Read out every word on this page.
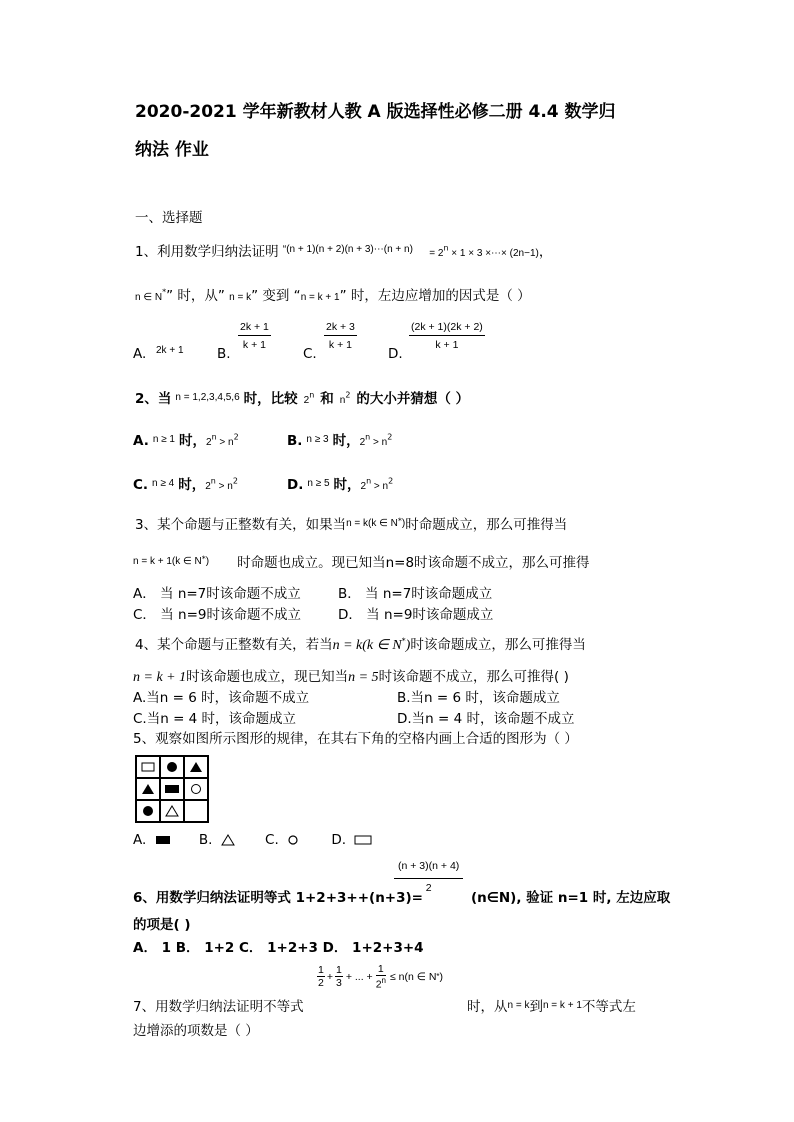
2020-2021 学年新教材人教 A 版选择性必修二册 4.4 数学归
纳法 作业
一、选择题
1、利用数学归纳法证明 $^{“(n + 1)(n + 2)(n + 3)\cdots(n + n)} = 2^n \times 1 \times 3$ ×⋯× (2n−1)，
n ∈ N*” 时，从” n = k” 变到 “n = k + 1” 时，左边应增加的因式是（ ）
A. 2k + 1 B.
$\frac{2k + 1}{k + 1}$
C.
$\frac{2k + 3}{k + 1}$
D.
$\frac{(2k + 1)(2k + 2)}{k + 1}$
2、当 $^{n = 1,2,3,4,5,6}$ 时，比较 2$^n$ 和 $n^2$ 的大小并猜想（ ）
A. $^{n \ge 1}$ 时，$2^n > n^2$	B. $^{n \ge 3}$ 时，$2^n > n^2$
C. $^{n \ge 4}$ 时，$2^n > n^2$	D. $^{n \ge 5}$ 时，$2^n > n^2$
3、某个命题与正整数有关，如果当$^{n = k(k \in N*)}$时命题成立，那么可推得当
$^{n = k + 1(k \in N*)}$ 时命题也成立。现已知当n=8时该命题不成立，那么可推得
A． 当 n=7时该命题不成立	B． 当 n=7时该命题成立
C． 当 n=9时该命题不成立	D． 当 n=9时该命题成立
4、某个命题与正整数有关，若当n = k(k ∈ N*)时该命题成立，那么可推得当
n = k + 1时该命题也成立，现已知当n = 5时该命题不成立，那么可推得( )
A.当n = 6 时，该命题不成立	B.当n = 6 时，该命题成立
C.当n = 4 时，该命题成立	D.当n = 4 时，该命题不成立
5、观察如图所示图形的规律，在其右下角的空格内画上合适的图形为（ ）
A.	B.	C.	D.
$\frac{(n + 3)(n + 4)}{2}$
6、用数学归纳法证明等式 1+2+3++(n+3)=	(n∈N), 验证 n=1 时, 左边应取
的项是( )
A． 1 B． 1+2 C． 1+2+3 D． 1+2+3+4
$\frac{1}{2} + \frac{1}{3}$ + ... + $\frac{1}{2^n} \le n(n$ ∈ N * )
7、用数学归纳法证明不等式	时，从$^{n = k}$到$^{n = k + 1}$不等式左
边增添的项数是（ ）
